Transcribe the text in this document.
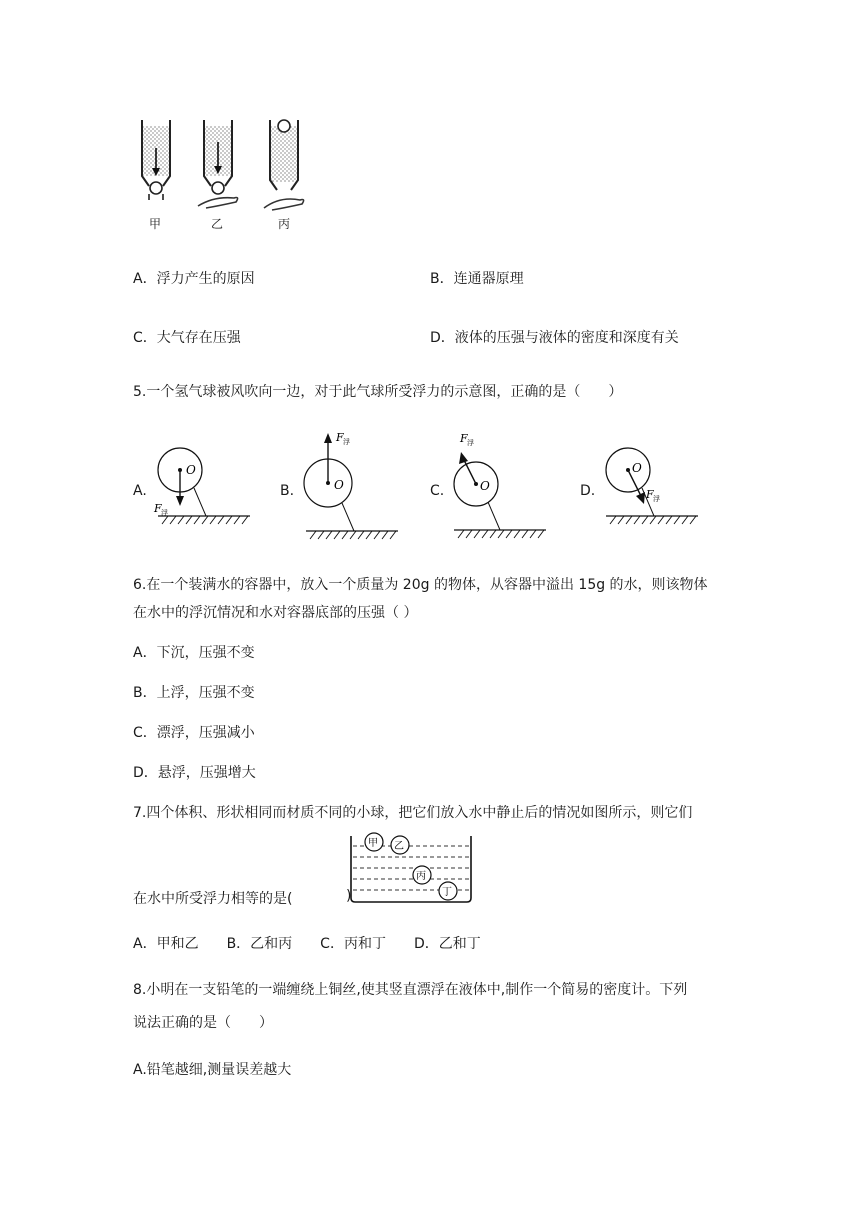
甲	乙	丙
A．浮力产生的原因	B．连通器原理
C．大气存在压强	D．液体的压强与液体的密度和深度有关
5.一个氢气球被风吹向一边，对于此气球所受浮力的示意图，正确的是（　　）
A.
O
F 浮
B.	O
F 浮
C.	O
F 浮
D.
O
F 浮
6.在一个装满水的容器中，放入一个质量为 20g 的物体，从容器中溢出 15g 的水，则该物体
在水中的浮沉情况和水对容器底部的压强（ ）
A．下沉，压强不变
B．上浮，压强不变
C．漂浮，压强减小
D．悬浮，压强增大
7.四个体积、形状相同而材质不同的小球，把它们放入水中静止后的情况如图所示，则它们
甲 乙
丙
丁
在水中所受浮力相等的是(	)
A．甲和乙　　B．乙和丙　　C．丙和丁　　D．乙和丁
8.小明在一支铅笔的一端缠绕上铜丝,使其竖直漂浮在液体中,制作一个简易的密度计。下列
说法正确的是（　　）
A.铅笔越细,测量误差越大
